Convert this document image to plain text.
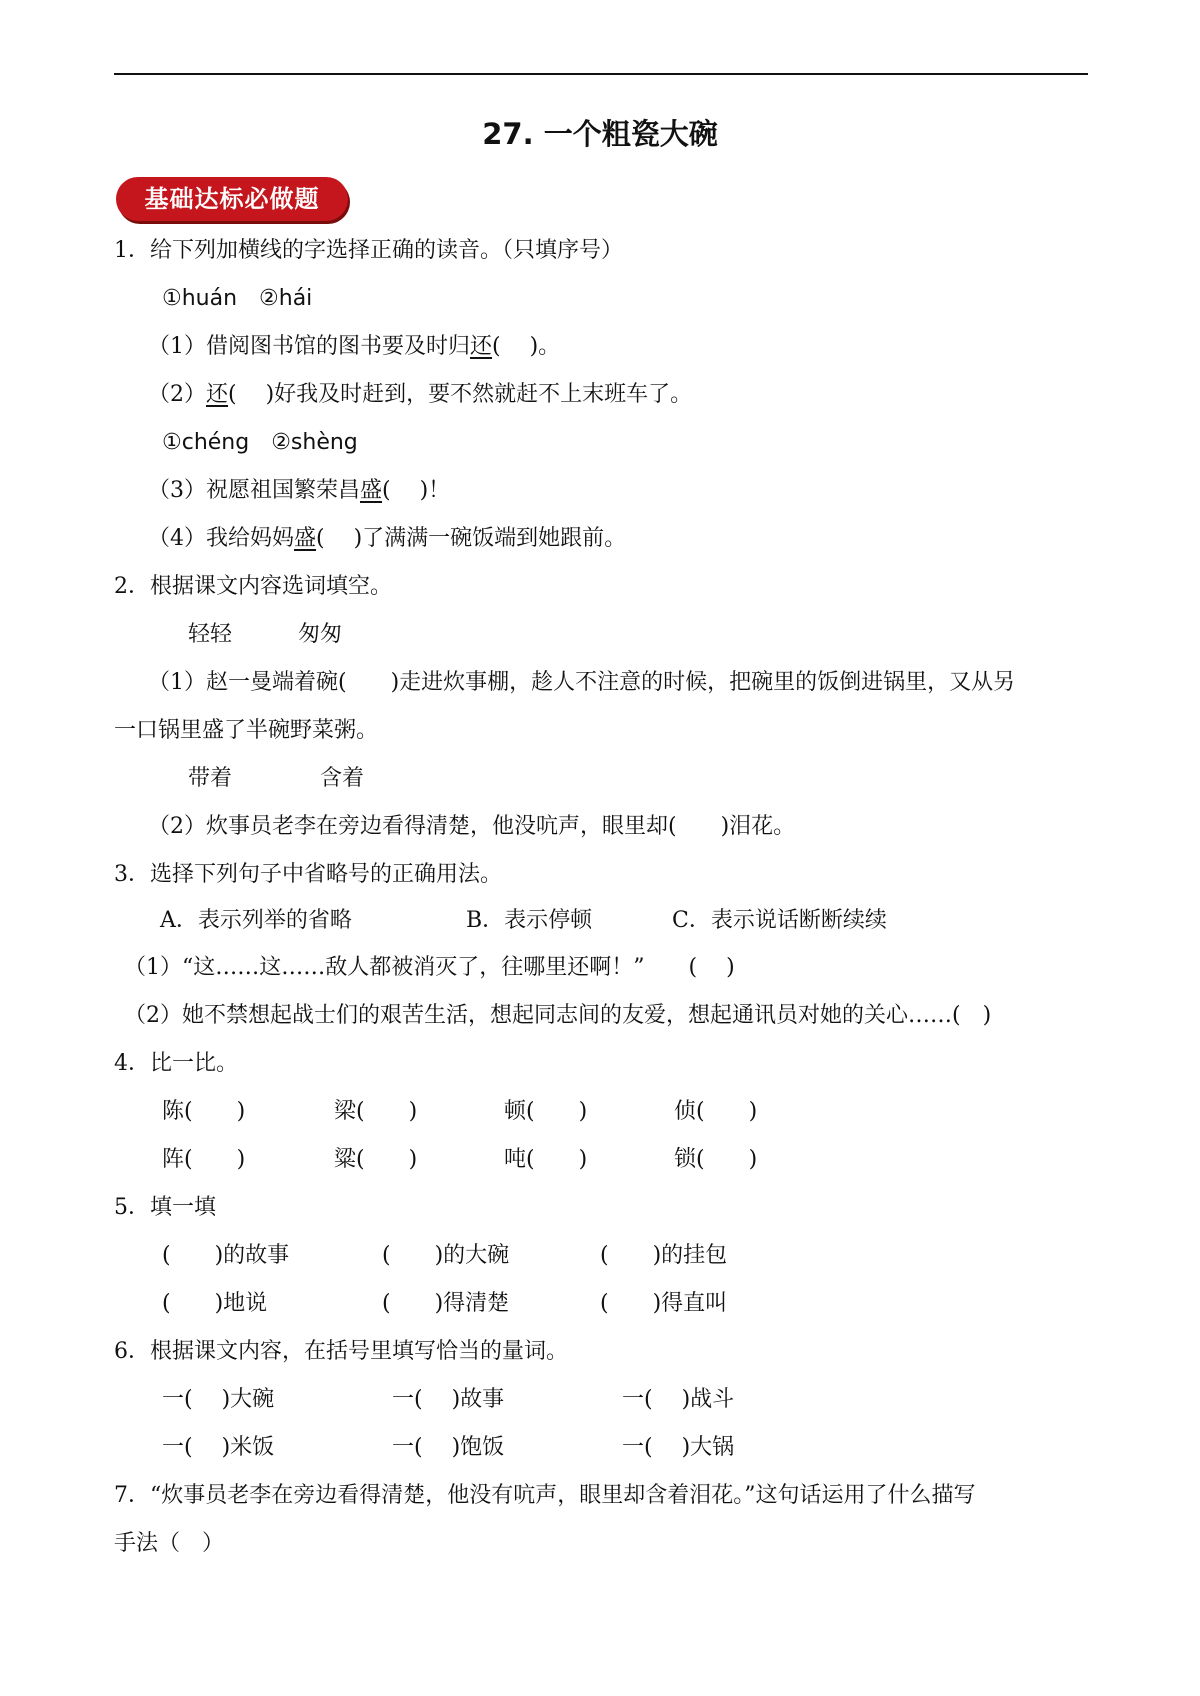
27. 一个粗瓷大碗
基础达标必做题
1．给下列加横线的字选择正确的读音。（只填序号）
①huán　②hái
（1）借阅图书馆的图书要及时归还(　 )。
（2）还(　 )好我及时赶到，要不然就赶不上末班车了。
①chéng　②shèng
（3）祝愿祖国繁荣昌盛(　 )！
（4）我给妈妈盛(　 )了满满一碗饭端到她跟前。
2．根据课文内容选词填空。
轻轻　　　匆匆
（1）赵一曼端着碗(　　)走进炊事棚，趁人不注意的时候，把碗里的饭倒进锅里，又从另
一口锅里盛了半碗野菜粥。
带着　　　　含着
（2）炊事员老李在旁边看得清楚，他没吭声，眼里却(　　)泪花。
3．选择下列句子中省略号的正确用法。
A．表示列举的省略	B．表示停顿	C．表示说话断断续续
（1）“这……这……敌人都被消灭了，往哪里还啊！”　　(　 )
（2）她不禁想起战士们的艰苦生活，想起同志间的友爱，想起通讯员对她的关心……(　)
4．比一比。
陈(　　)	梁(　　)	顿(　　)	侦(　　)
阵(　　)	粱(　　)	吨(　　)	锁(　　)
5．填一填
(　　)的故事	(　　)的大碗	(　　)的挂包
(　　)地说	(　　)得清楚	(　　)得直叫
6．根据课文内容，在括号里填写恰当的量词。
一(　 )大碗	一(　 )故事	一(　 )战斗
一(　 )米饭	一(　 )饱饭	一(　 )大锅
7．“炊事员老李在旁边看得清楚，他没有吭声，眼里却含着泪花。”这句话运用了什么描写
手法（　）
